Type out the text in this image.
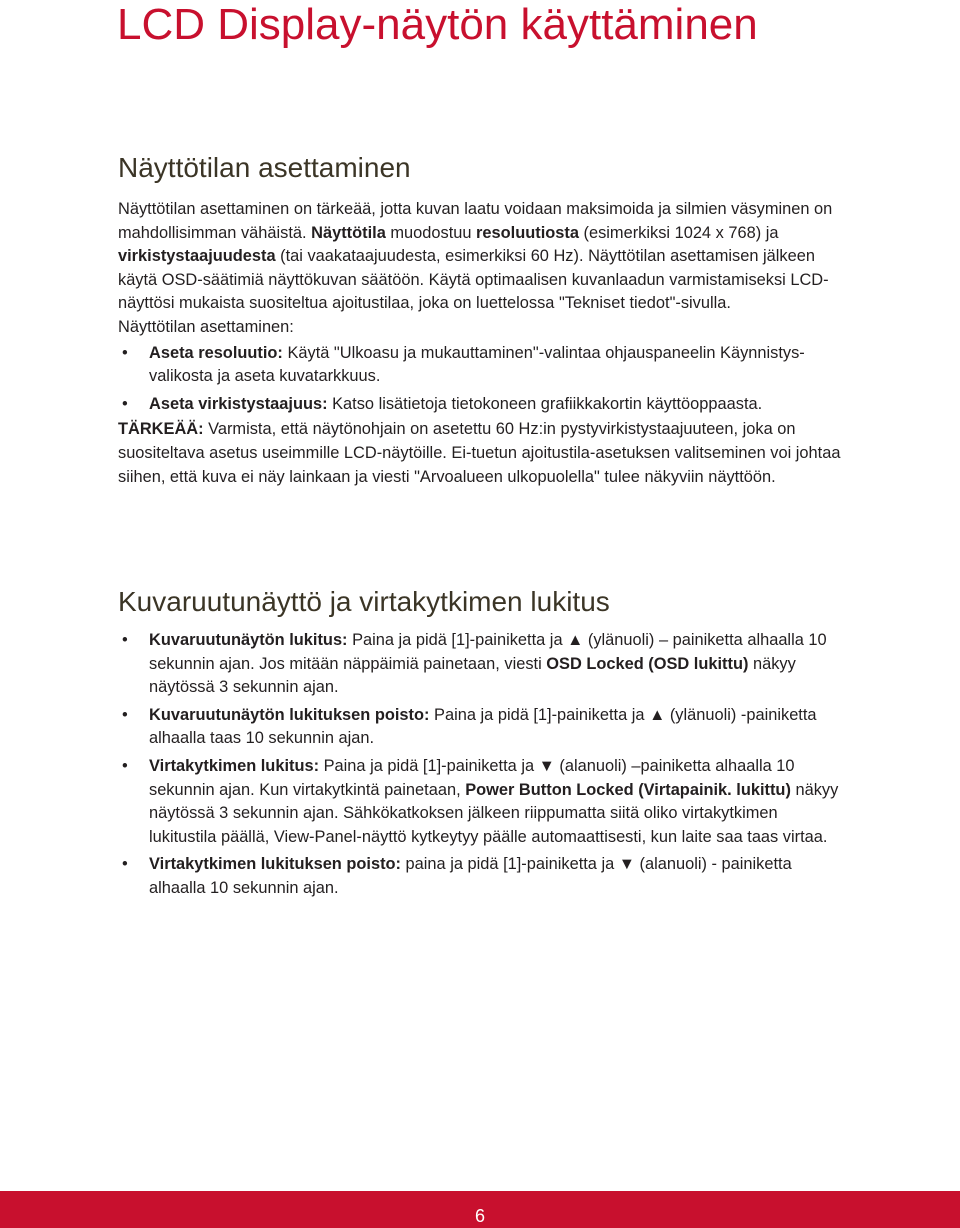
LCD Display-näytön käyttäminen
Näyttötilan asettaminen

Näyttötilan asettaminen on tärkeää, jotta kuvan laatu voidaan maksimoida ja silmien väsyminen on mahdollisimman vähäistä. Näyttötila muodostuu resoluutiosta (esimerkiksi 1024 x 768) ja virkistystaajuudesta (tai vaakataajuudesta, esimerkiksi 60 Hz). Näyttötilan asettamisen jälkeen käytä OSD-säätimiä näyttökuvan säätöön. Käytä optimaalisen kuvanlaadun varmistamiseksi LCD-näyttösi mukaista suositeltua ajoitustilaa, joka on luettelossa "Tekniset tiedot"-sivulla.

Näyttötilan asettaminen:

• Aseta resoluutio: Käytä "Ulkoasu ja mukauttaminen"-valintaa ohjauspaneelin Käynnistys-valikosta ja aseta kuvatarkkuus.
• Aseta virkistystaajuus: Katso lisätietoja tietokoneen grafiikkakortin käyttöoppaasta.

TÄRKEÄÄ: Varmista, että näytönohjain on asetettu 60 Hz:in pystyvirkistystaajuuteen, joka on suositeltava asetus useimmille LCD-näytöille. Ei-tuetun ajoitustila-asetuksen valitseminen voi johtaa siihen, että kuva ei näy lainkaan ja viesti "Arvoalueen ulkopuolella" tulee näkyviin näyttöön.

Kuvaruutunäyttö ja virtakytkimen lukitus
• Kuvaruutunäytön lukitus: Paina ja pidä [1]-painiketta ja ▲ (ylänuoli) – painiketta alhaalla 10 sekunnin ajan. Jos mitään näppäimiä painetaan, viesti OSD Locked (OSD lukittu) näkyy näytössä 3 sekunnin ajan.
• Kuvaruutunäytön lukituksen poisto: Paina ja pidä [1]-painiketta ja ▲ (ylänuoli) -painiketta alhaalla taas 10 sekunnin ajan.
• Virtakytkimen lukitus: Paina ja pidä [1]-painiketta ja ▼ (alanuoli) –painiketta alhaalla 10 sekunnin ajan. Kun virtakytkintä painetaan, Power Button Locked (Virtapainik. lukittu) näkyy näytössä 3 sekunnin ajan. Sähkökatkoksen jälkeen riippumatta siitä oliko virtakytkimen lukitustila päällä, View-Panel-näyttö kytkeytyy päälle automaattisesti, kun laite saa taas virtaa.
• Virtakytkimen lukituksen poisto: paina ja pidä [1]-painiketta ja ▼ (alanuoli) - painiketta alhaalla 10 sekunnin ajan.
6
